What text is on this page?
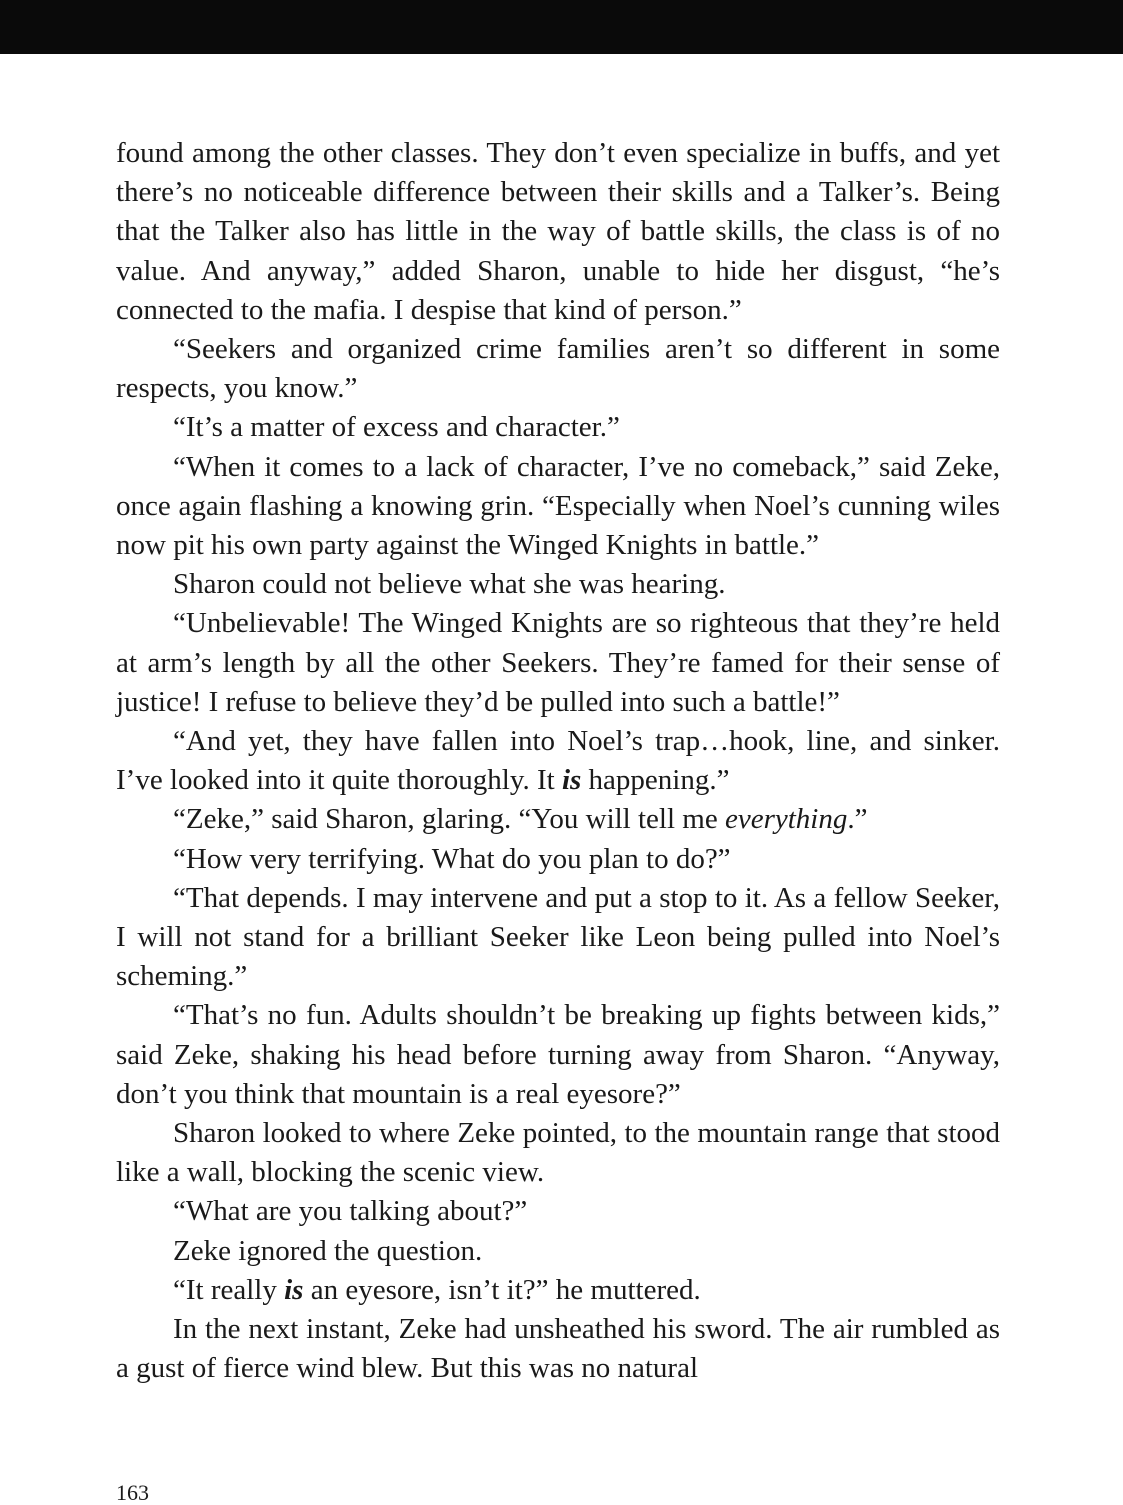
found among the other classes. They don’t even specialize in buffs, and yet there’s no noticeable difference between their skills and a Talker’s. Being that the Talker also has little in the way of battle skills, the class is of no value. And anyway,” added Sharon, unable to hide her disgust, “he’s connected to the mafia. I despise that kind of person.”

“Seekers and organized crime families aren’t so different in some respects, you know.”

“It’s a matter of excess and character.”

“When it comes to a lack of character, I’ve no comeback,” said Zeke, once again flashing a knowing grin. “Especially when Noel’s cunning wiles now pit his own party against the Winged Knights in battle.”

Sharon could not believe what she was hearing.

“Unbelievable! The Winged Knights are so righteous that they’re held at arm’s length by all the other Seekers. They’re famed for their sense of justice! I refuse to believe they’d be pulled into such a battle!”

“And yet, they have fallen into Noel’s trap…hook, line, and sinker. I’ve looked into it quite thoroughly. It is happening.”

“Zeke,” said Sharon, glaring. “You will tell me everything.”

“How very terrifying. What do you plan to do?”

“That depends. I may intervene and put a stop to it. As a fellow Seeker, I will not stand for a brilliant Seeker like Leon being pulled into Noel’s scheming.”

“That’s no fun. Adults shouldn’t be breaking up fights between kids,” said Zeke, shaking his head before turning away from Sharon. “Anyway, don’t you think that mountain is a real eyesore?”

Sharon looked to where Zeke pointed, to the mountain range that stood like a wall, blocking the scenic view.

“What are you talking about?”

Zeke ignored the question.

“It really is an eyesore, isn’t it?” he muttered.

In the next instant, Zeke had unsheathed his sword. The air rumbled as a gust of fierce wind blew. But this was no natural

163
